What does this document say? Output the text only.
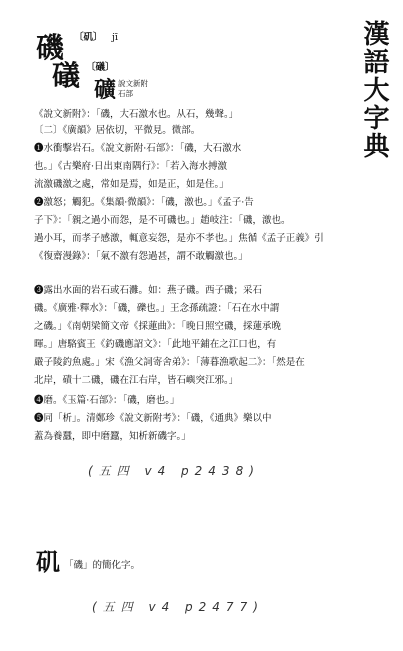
漢語大字典
磯 〔矶〕 jī
礒 〔礒〕
礦 說文新附
石部
《說文新附》：「磯，大石激水也。从石，幾聲。」
〔二〕《廣韻》居依切，平微見。微部。
❶水衝擊岩石。《說文新附·石部》：「磯，大石激水
也。」《古樂府·日出東南隅行》：「若入海水搏激
流激磯激之處，常如是焉，如是正，如是住。」
❷激怒；觸犯。《集韻·微韻》：「磯，激也。」《孟子·告
子下》：「親之過小而怨，是不可磯也。」趙岐注：「磯，激也。
過小耳，而孝子感激，輒意妄怨，是亦不孝也。」焦循《孟子正義》引
《復齋漫錄》：「氣不激有怨過甚，謂不敢觸激也。」
❸露出水面的岩石或石灘。如：燕子磯。西子磯；采石
磯。《廣雅·釋水》：「磯，礫也。」王念孫疏證：「石在水中謂
之磯。」《南朝梁簡文帝《採蓮曲》：「晚日照空磯，採蓮承晚
暉。」唐駱賓王《釣磯應詔文》：「此地平鋪在之江口也，有
嚴子陵釣魚處。」宋《漁父詞寄舍弟》：「薄暮漁歌起二》：「然是在
北岸，磧十二磯，磯在江右岸，皆石嶼突江邪。」
❹磨。《玉篇·石部》：「磯，磨也。」
❺同「析」。清鄭珍《說文新附考》：「磯，《通典》樂以中
蓋為養蠶，即中磨蠶，知析新磯字。」
(五四 v4 p2438)
矶 「磯」的簡化字。
(五四 v4 p2477)
